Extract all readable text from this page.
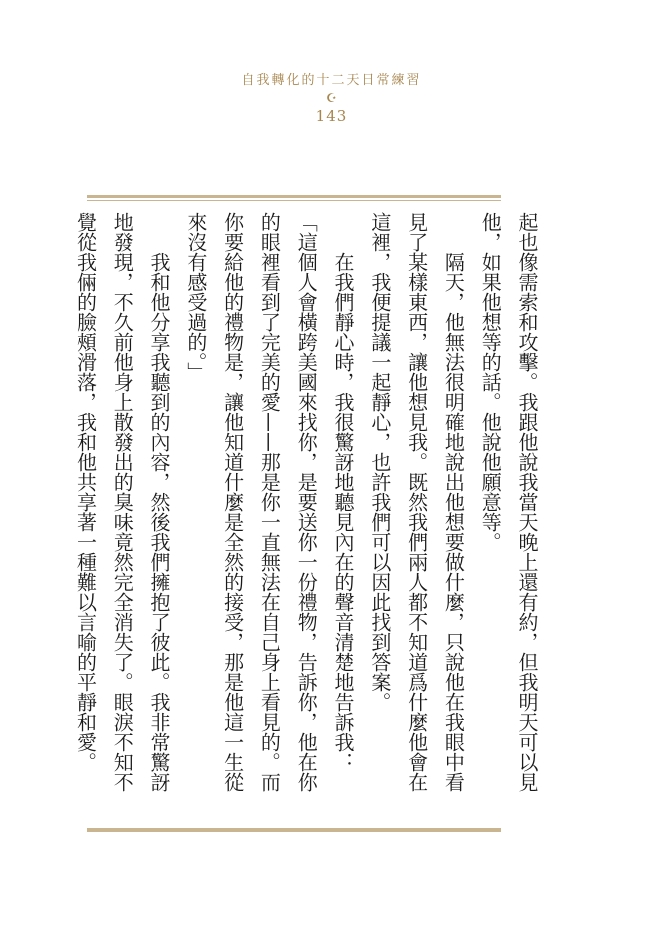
自我轉化的十二天日常練習
☪
143

起也像需索和攻擊。我跟他說我當天晚上還有約，但我明天可以見他，如果他想等的話。他說他願意等。

隔天，他無法很明確地說出他想要做什麼，只說他在我眼中看見了某樣東西，讓他想見我。既然我們兩人都不知道爲什麼他會在這裡，我便提議一起靜心，也許我們可以因此找到答案。

在我們靜心時，我很驚訝地聽見內在的聲音清楚地告訴我：「這個人會橫跨美國來找你，是要送你一份禮物，告訴你，他在你的眼裡看到了完美的愛——那是你一直無法在自己身上看見的。而你要給他的禮物是，讓他知道什麼是全然的接受，那是他這一生從來沒有感受過的。」

我和他分享我聽到的內容，然後我們擁抱了彼此。我非常驚訝地發現，不久前他身上散發出的臭味竟然完全消失了。眼淚不知不覺從我倆的臉頰滑落，我和他共享著一種難以言喻的平靜和愛。
